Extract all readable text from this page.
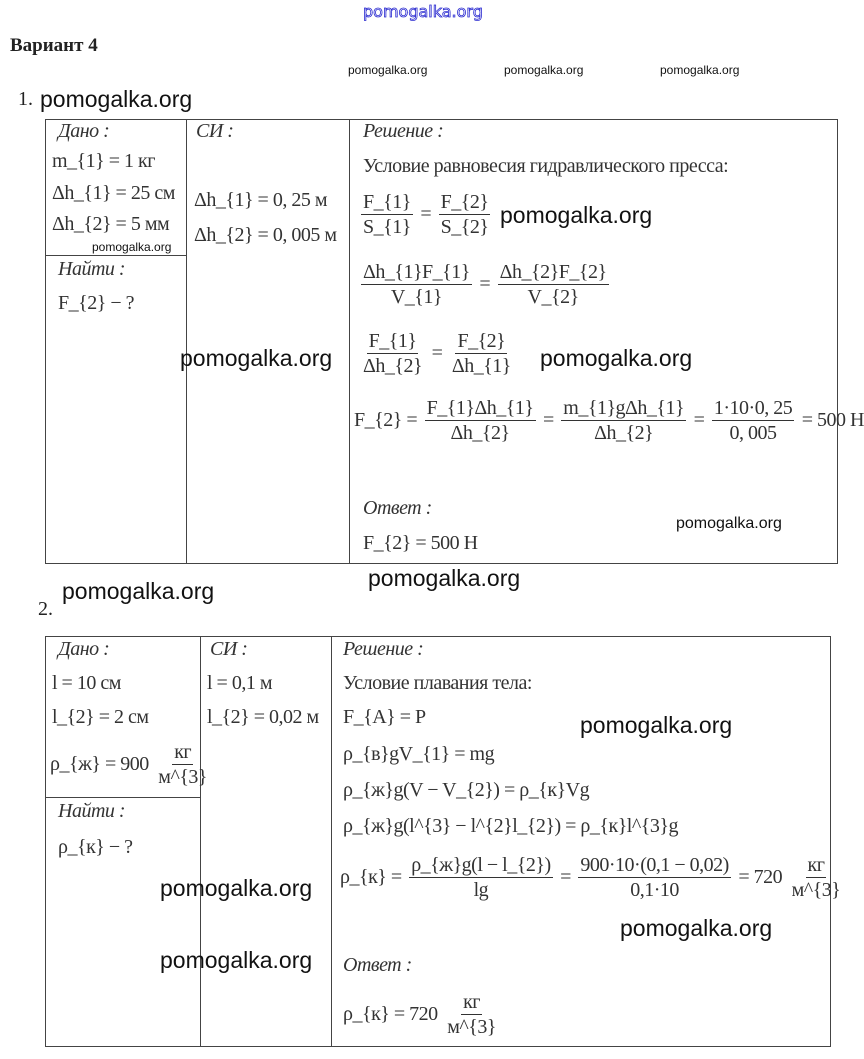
pomogalka.org
Вариант 4
pomogalka.org	pomogalka.org	pomogalka.org
1. pomogalka.org
Дано :
m_{1} = 1 кг
Δh_{1} = 25 см
Δh_{2} = 5 мм
pomogalka.org
Найти :
F_{2} − ?
СИ :
Δh_{1} = 0, 25 м
Δh_{2} = 0, 005 м
Решение :
Условие равновесия гидравлического пресса:
$\frac{F\_\{1\}}{S\_\{1\}} = \frac{F\_\{2\}}{S\_\{2\}}$
$\frac{\Delta h\_\{1\}F\_\{1\}}{V\_\{1\}} = \frac{\Delta h\_\{2\}F\_\{2\}}{V\_\{2\}}$
$\frac{F\_\{1\}}{\Delta h\_\{2\}} = \frac{F\_\{2\}}{\Delta h\_\{1\}}$
F_{2} = $\frac{F\_\{1\}\Delta h\_\{1\}}{\Delta h\_\{2\}}$ =
m_{1}gΔh_{1}
Δh_{2}
= $\frac{1\cdot 10\cdot 0, 25}{0, 005} = 500$ Н
Ответ :
F_{2} = 500 Н
pomogalka.org
pomogalka.org
pomogalka.org
pomogalka.org
pomogalka.org
2.
pomogalka.org
Дано :
l = 10 см
l_{2} = 2 см
ρ_{ж} = 900
кг
м^{3}
Найти :
ρ_{к} − ?
СИ :
l = 0,1 м
l_{2} = 0,02 м
Решение :
Условие плавания тела:
F_{A} = P
ρ_{в}gV_{1} = mg
ρ_{ж}g(V − V_{2}) = ρ_{к}Vg
ρ_{ж}g(l^{3} − l^{2}l_{2}) = ρ_{к}l^{3}g
ρ_{к} =
ρ_{ж}g(l − l_{2})
lg
= $\frac{900\cdot 10\cdot(0,1 - 0,02)}{0,1\cdot 10} = 720$
кг
м^{3}
Ответ :
ρ_{к} = 720
кг
м^{3}
pomogalka.org
pomogalka.org
pomogalka.org
pomogalka.org
